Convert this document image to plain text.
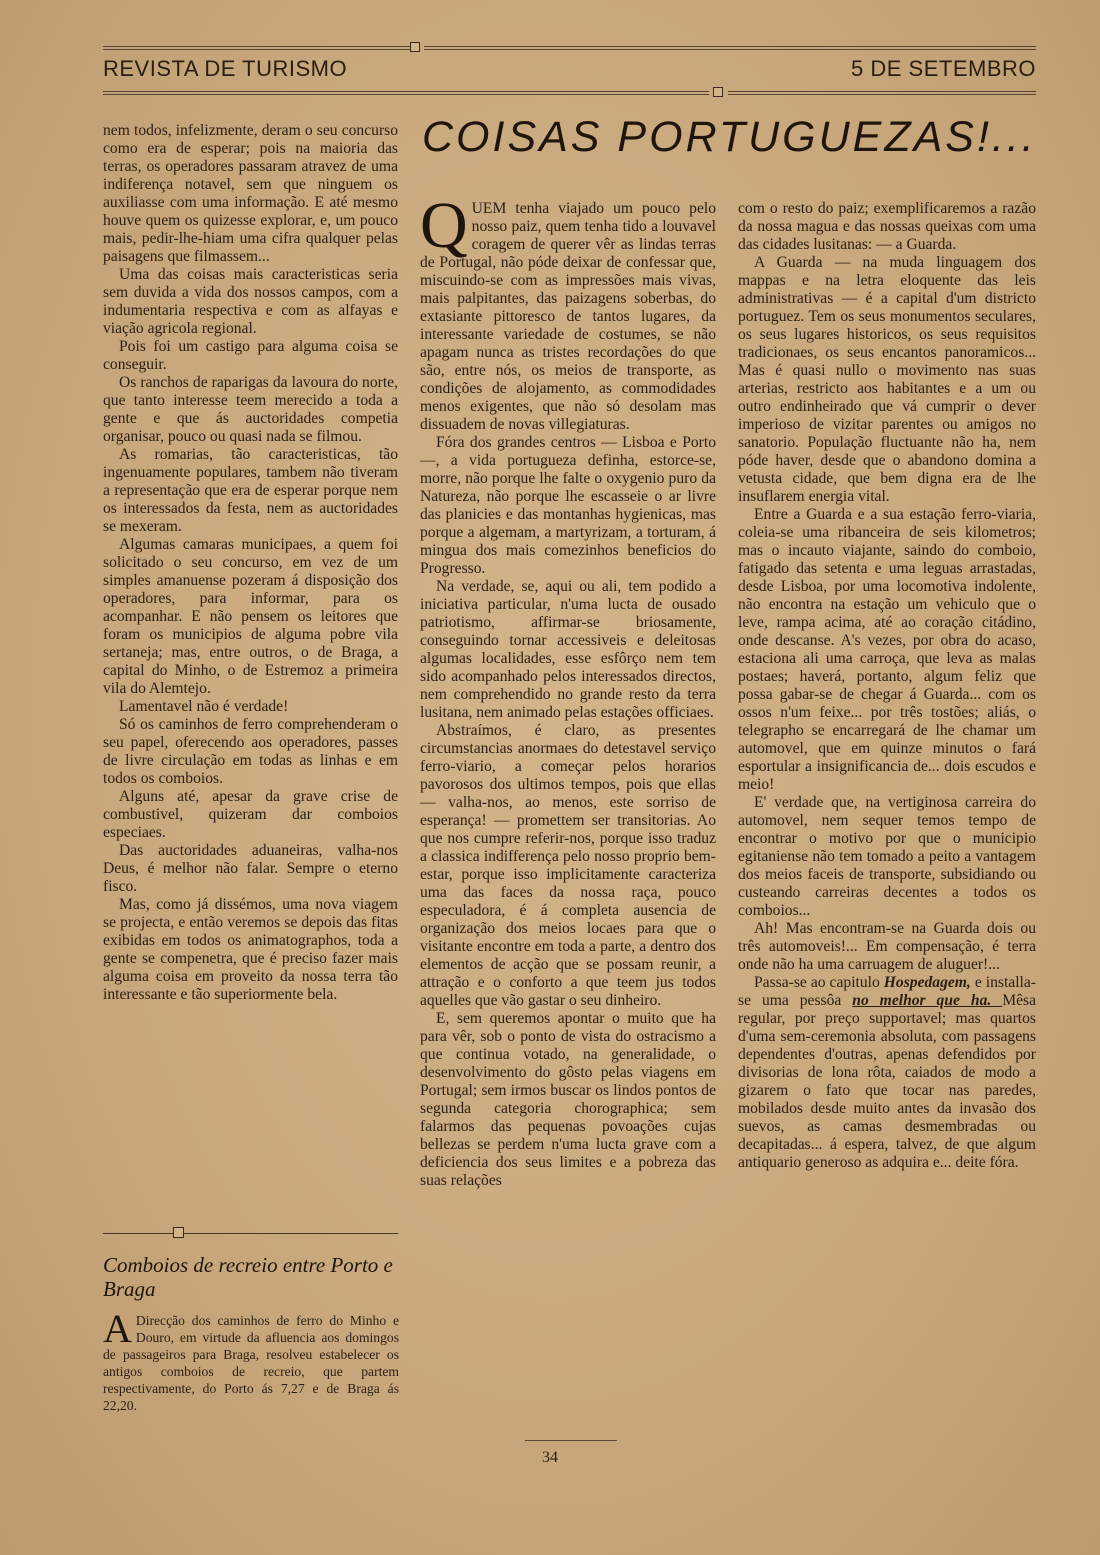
REVISTA DE TURISMO	5 DE SETEMBRO

nem todos, infelizmente, deram o seu concurso como era de esperar; pois na maioria das terras, os operadores passaram atravez de uma indiferença notavel, sem que ninguem os auxiliasse com uma informação. E até mesmo houve quem os quizesse explorar, e, um pouco mais, pedir-lhe-hiam uma cifra qualquer pelas paisagens que filmassem...

Uma das coisas mais caracteristicas seria sem duvida a vida dos nossos campos, com a indumentaria respectiva e com as alfayas e viação agricola regional.

Pois foi um castigo para alguma coisa se conseguir.

Os ranchos de raparigas da lavoura do norte, que tanto interesse teem merecido a toda a gente e que ás auctoridades competia organisar, pouco ou quasi nada se filmou.

As romarias, tão caracteristicas, tão ingenuamente populares, tambem não tiveram a representação que era de esperar porque nem os interessados da festa, nem as auctoridades se mexeram.

Algumas camaras municipaes, a quem foi solicitado o seu concurso, em vez de um simples amanuense pozeram á disposição dos operadores, para informar, para os acompanhar. E não pensem os leitores que foram os municipios de alguma pobre vila sertaneja; mas, entre outros, o de Braga, a capital do Minho, o de Estremoz a primeira vila do Alemtejo.

Lamentavel não é verdade!

Só os caminhos de ferro comprehenderam o seu papel, oferecendo aos operadores, passes de livre circulação em todas as linhas e em todos os comboios.

Alguns até, apesar da grave crise de combustivel, quizeram dar comboios especiaes.

Das auctoridades aduaneiras, valha-nos Deus, é melhor não falar. Sempre o eterno fisco.

Mas, como já dissémos, uma nova viagem se projecta, e então veremos se depois das fitas exibidas em todos os animatographos, toda a gente se compenetra, que é preciso fazer mais alguma coisa em proveito da nossa terra tão interessante e tão superiormente bela.

Comboios de recreio entre Porto e Braga
A Direcção dos caminhos de ferro do Minho e Douro, em virtude da afluencia aos domingos de passageiros para Braga, resolveu estabelecer os antigos comboios de recreio, que partem respectivamente, do Porto ás 7,27 e de Braga ás 22,20.
COISAS PORTUGUEZAS!...

Q UEM tenha viajado um pouco pelo nosso paiz, quem tenha tido a louvavel coragem de querer vêr as lindas terras de Portugal, não póde deixar de confessar que, miscuindo-se com as impressões mais vivas, mais palpitantes, das paizagens soberbas, do extasiante pittoresco de tantos lugares, da interessante variedade de costumes, se não apagam nunca as tristes recordações do que são, entre nós, os meios de transporte, as condições de alojamento, as commodidades menos exigentes, que não só desolam mas dissuadem de novas villegiaturas.

Fóra dos grandes centros — Lisboa e Porto—, a vida portugueza definha, estorce-se, morre, não porque lhe falte o oxygenio puro da Natureza, não porque lhe escasseie o ar livre das planicies e das montanhas hygienicas, mas porque a algemam, a martyrizam, a torturam, á mingua dos mais comezinhos beneficios do Progresso.

Na verdade, se, aqui ou ali, tem podido a iniciativa particular, n'uma lucta de ousado patriotismo, affirmar-se briosamente, conseguindo tornar accessiveis e deleitosas algumas localidades, esse esfôrço nem tem sido acompanhado pelos interessados directos, nem comprehendido no grande resto da terra lusitana, nem animado pelas estações officiaes.

Abstraímos, é claro, as presentes circumstancias anormaes do detestavel serviço ferro-viario, a começar pelos horarios pavorosos dos ultimos tempos, pois que ellas — valha-nos, ao menos, este sorriso de esperança! — promettem ser transitorias. Ao que nos cumpre referir-nos, porque isso traduz a classica indifferença pelo nosso proprio bem-estar, porque isso implicitamente caracteriza uma das faces da nossa raça, pouco especuladora, é á completa ausencia de organização dos meios locaes para que o visitante encontre em toda a parte, a dentro dos elementos de acção que se possam reunir, a attração e o conforto a que teem jus todos aquelles que vão gastar o seu dinheiro.

E, sem queremos apontar o muito que ha para vêr, sob o ponto de vista do ostracismo a que continua votado, na generalidade, o desenvolvimento do gôsto pelas viagens em Portugal; sem irmos buscar os lindos pontos de segunda categoria chorographica; sem falarmos das pequenas povoações cujas bellezas se perdem n'uma lucta grave com a deficiencia dos seus limites e a pobreza das suas relações

com o resto do paiz; exemplificaremos a razão da nossa magua e das nossas queixas com uma das cidades lusitanas: — a Guarda.

A Guarda — na muda linguagem dos mappas e na letra eloquente das leis administrativas — é a capital d'um districto portuguez. Tem os seus monumentos seculares, os seus lugares historicos, os seus requisitos tradicionaes, os seus encantos panoramicos... Mas é quasi nullo o movimento nas suas arterias, restricto aos habitantes e a um ou outro endinheirado que vá cumprir o dever imperioso de vizitar parentes ou amigos no sanatorio. População fluctuante não ha, nem póde haver, desde que o abandono domina a vetusta cidade, que bem digna era de lhe insuflarem energia vital.

Entre a Guarda e a sua estação ferro-viaria, coleia-se uma ribanceira de seis kilometros; mas o incauto viajante, saindo do comboio, fatigado das setenta e uma leguas arrastadas, desde Lisboa, por uma locomotiva indolente, não encontra na estação um vehiculo que o leve, rampa acima, até ao coração citádino, onde descanse. A's vezes, por obra do acaso, estaciona ali uma carroça, que leva as malas postaes; haverá, portanto, algum feliz que possa gabar-se de chegar á Guarda... com os ossos n'um feixe... por três tostões; aliás, o telegrapho se encarregará de lhe chamar um automovel, que em quinze minutos o fará esportular a insignificancia de... dois escudos e meio!

E' verdade que, na vertiginosa carreira do automovel, nem sequer temos tempo de encontrar o motivo por que o municipio egitaniense não tem tomado a peito a vantagem dos meios faceis de transporte, subsidiando ou custeando carreiras decentes a todos os comboios...

Ah! Mas encontram-se na Guarda dois ou três automoveis!... Em compensação, é terra onde não ha uma carruagem de aluguer!...

Passa-se ao capitulo Hospedagem, e installa-se uma pessôa no melhor que ha. Mêsa regular, por preço supportavel; mas quartos d'uma sem-ceremonia absoluta, com passagens dependentes d'outras, apenas defendidos por divisorias de lona rôta, caiados de modo a gizarem o fato que tocar nas paredes, mobilados desde muito antes da invasão dos suevos, as camas desmembradas ou decapitadas... á espera, talvez, de que algum antiquario generoso as adquira e... deite fóra.

34
